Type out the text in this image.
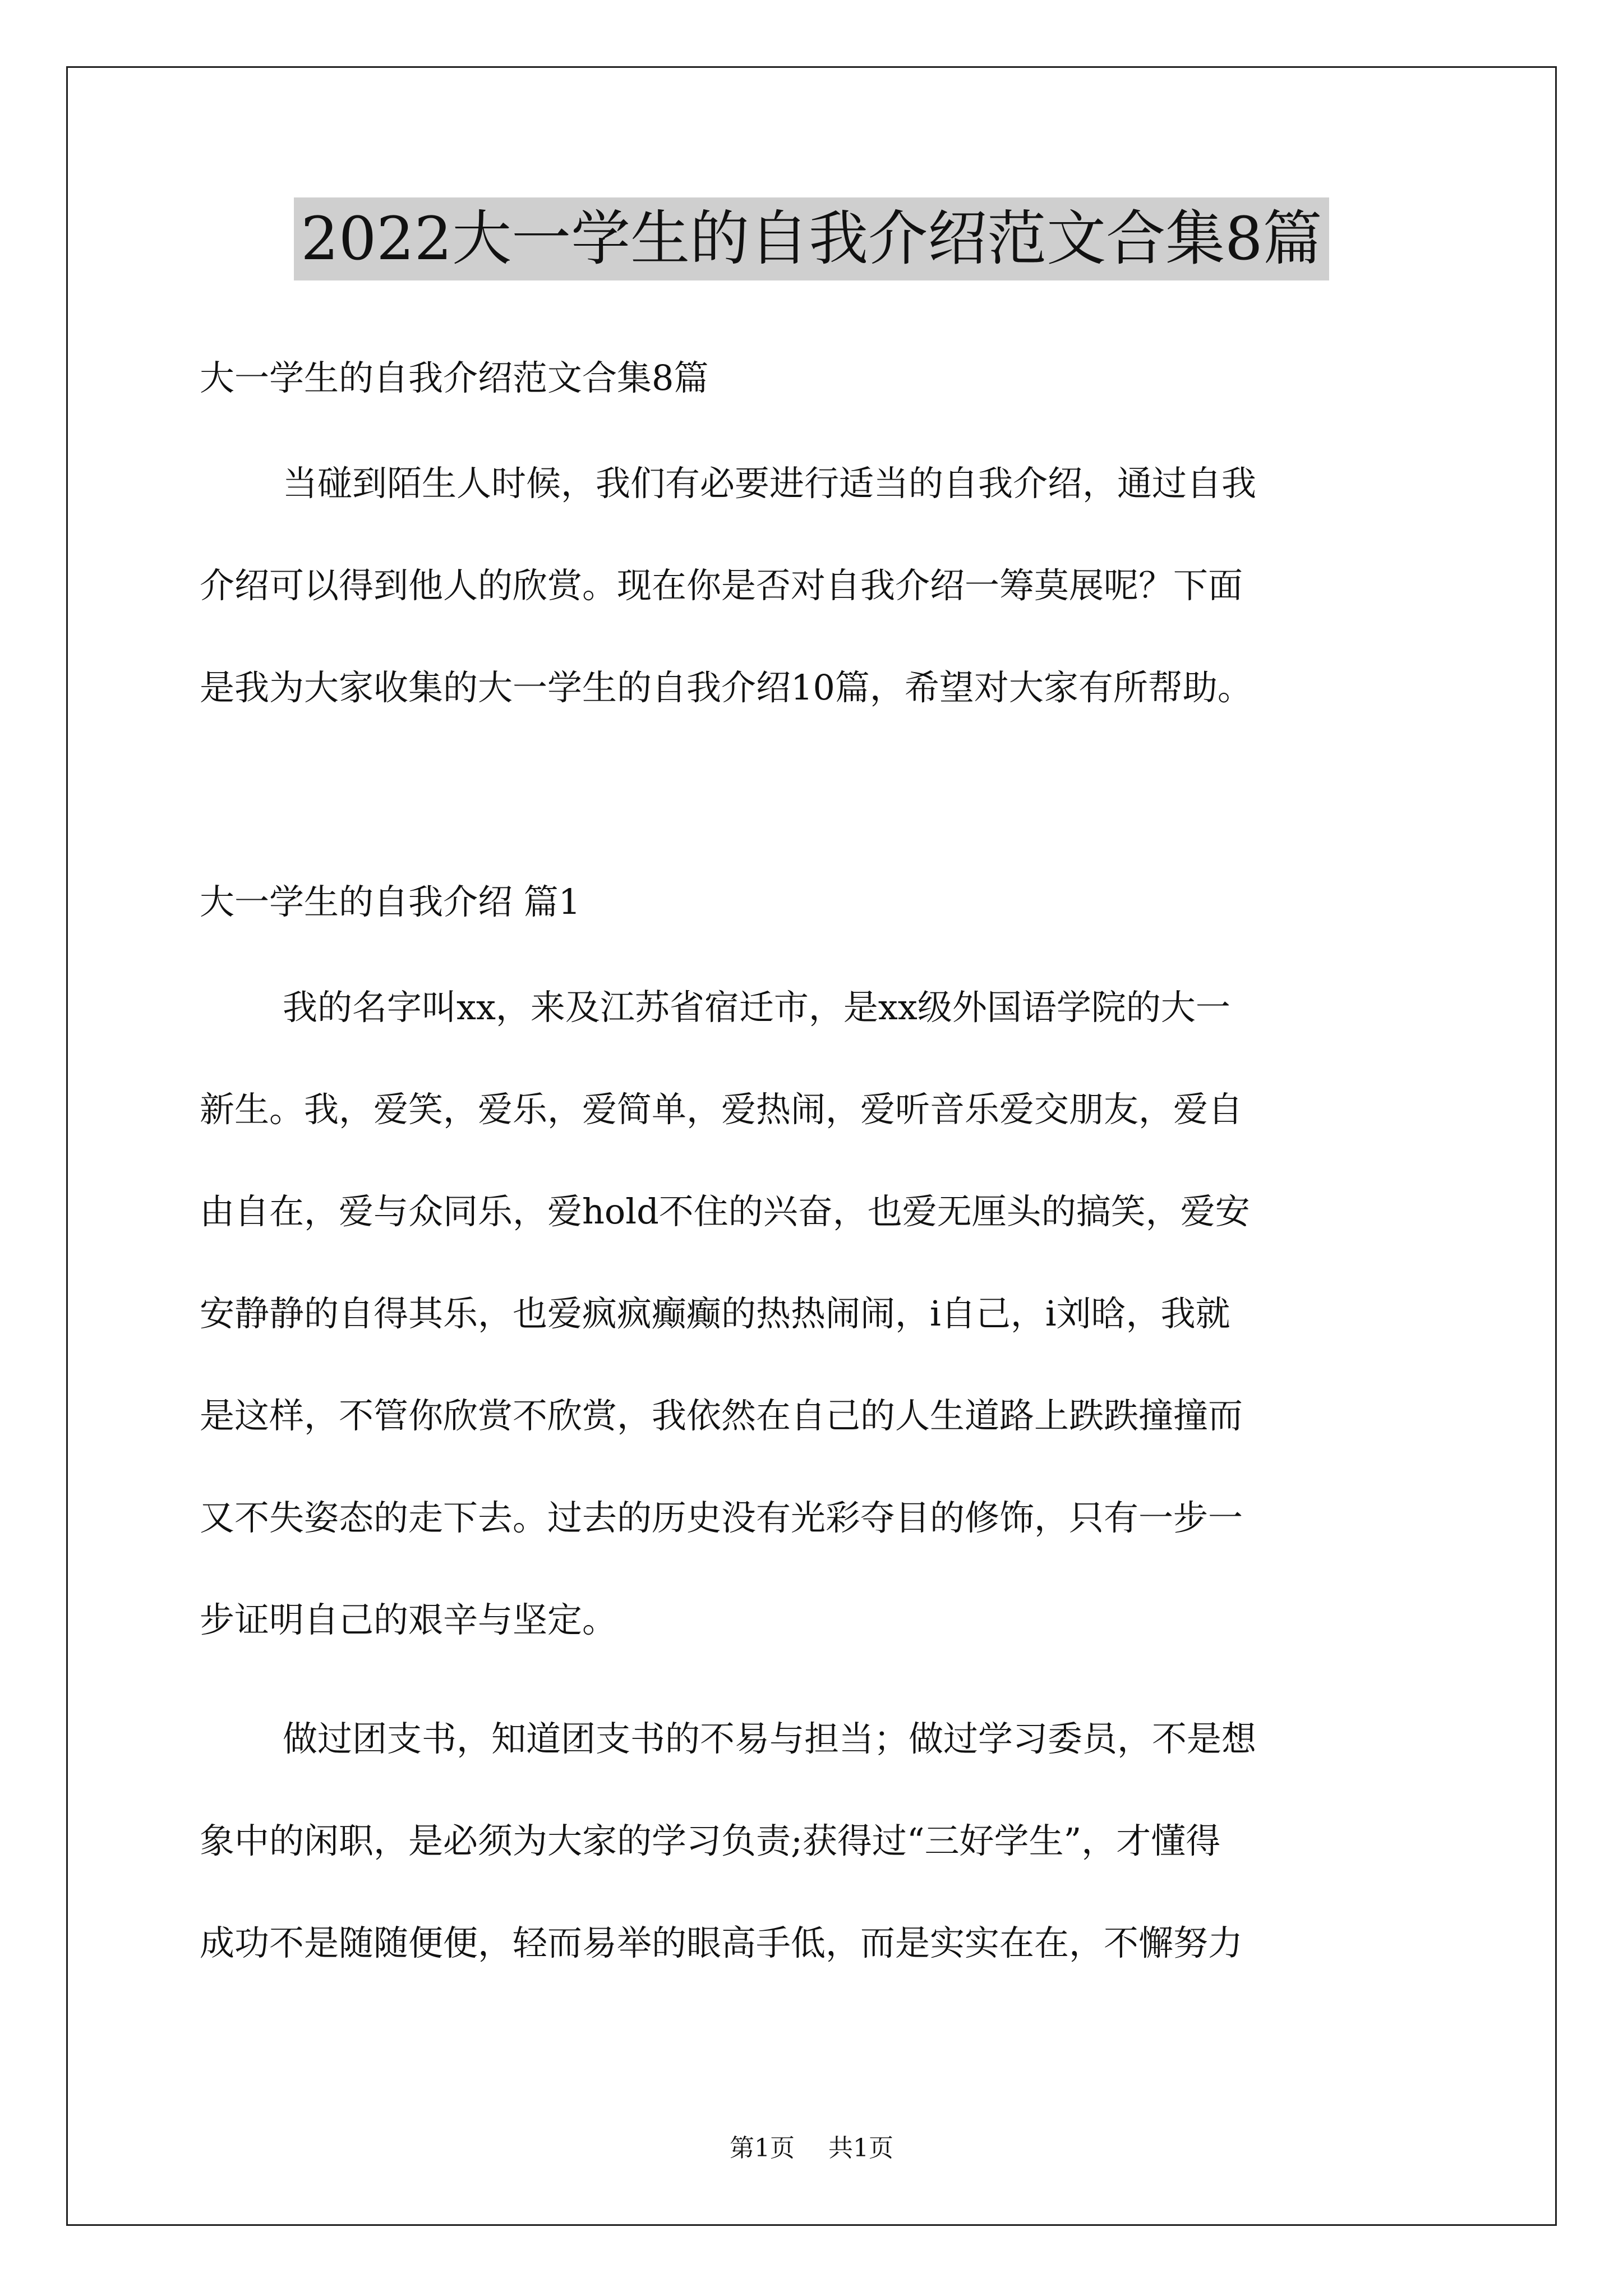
2022大一学生的自我介绍范文合集8篇
大一学生的自我介绍范文合集8篇
当碰到陌生人时候，我们有必要进行适当的自我介绍，通过自我
介绍可以得到他人的欣赏。现在你是否对自我介绍一筹莫展呢？下面
是我为大家收集的大一学生的自我介绍10篇，希望对大家有所帮助。
大一学生的自我介绍 篇1
我的名字叫xx，来及江苏省宿迁市，是xx级外国语学院的大一
新生。我，爱笑，爱乐，爱简单，爱热闹，爱听音乐爱交朋友，爱自
由自在，爱与众同乐，爱hold不住的兴奋，也爱无厘头的搞笑，爱安
安静静的自得其乐，也爱疯疯癫癫的热热闹闹，i自己，i刘晗，我就
是这样，不管你欣赏不欣赏，我依然在自己的人生道路上跌跌撞撞而
又不失姿态的走下去。过去的历史没有光彩夺目的修饰，只有一步一
步证明自己的艰辛与坚定。
做过团支书，知道团支书的不易与担当；做过学习委员，不是想
象中的闲职，是必须为大家的学习负责;获得过“三好学生”，才懂得
成功不是随随便便，轻而易举的眼高手低，而是实实在在，不懈努力
第1页 共1页
